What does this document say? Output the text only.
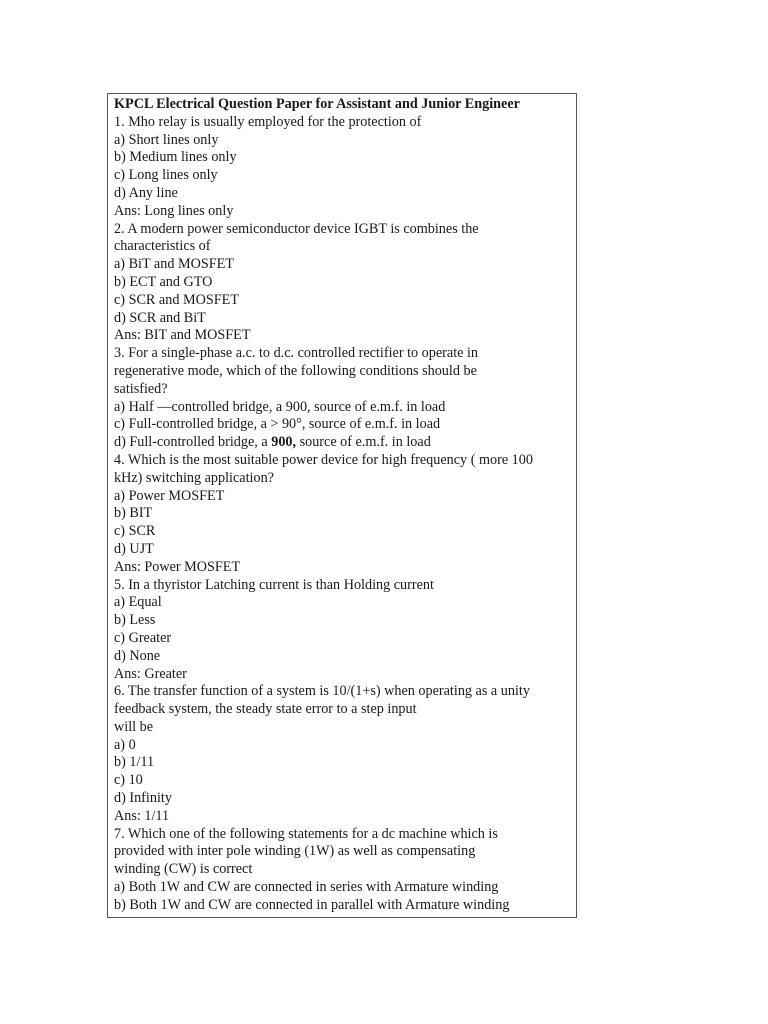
KPCL Electrical Question Paper for Assistant and Junior Engineer
1. Mho relay is usually employed for the protection of
a) Short lines only
b) Medium lines only
c) Long lines only
d) Any line
Ans: Long lines only
2. A modern power semiconductor device IGBT is combines the
characteristics of
a) BiT and MOSFET
b) ECT and GTO
c) SCR and MOSFET
d) SCR and BiT
Ans: BIT and MOSFET
3. For a single-phase a.c. to d.c. controlled rectifier to operate in
regenerative mode, which of the following conditions should be
satisfied?
a) Half —controlled bridge, a 900, source of e.m.f. in load
c) Full-controlled bridge, a > 90°, source of e.m.f. in load
d) Full-controlled bridge, a 900, source of e.m.f. in load
4. Which is the most suitable power device for high frequency ( more 100
kHz) switching application?
a) Power MOSFET
b) BIT
c) SCR
d) UJT
Ans: Power MOSFET
5. In a thyristor Latching current is than Holding current
a) Equal
b) Less
c) Greater
d) None
Ans: Greater
6. The transfer function of a system is 10/(1+s) when operating as a unity
feedback system, the steady state error to a step input
will be
a) 0
b) 1/11
c) 10
d) Infinity
Ans: 1/11
7. Which one of the following statements for a dc machine which is
provided with inter pole winding (1W) as well as compensating
winding (CW) is correct
a) Both 1W and CW are connected in series with Armature winding
b) Both 1W and CW are connected in parallel with Armature winding
